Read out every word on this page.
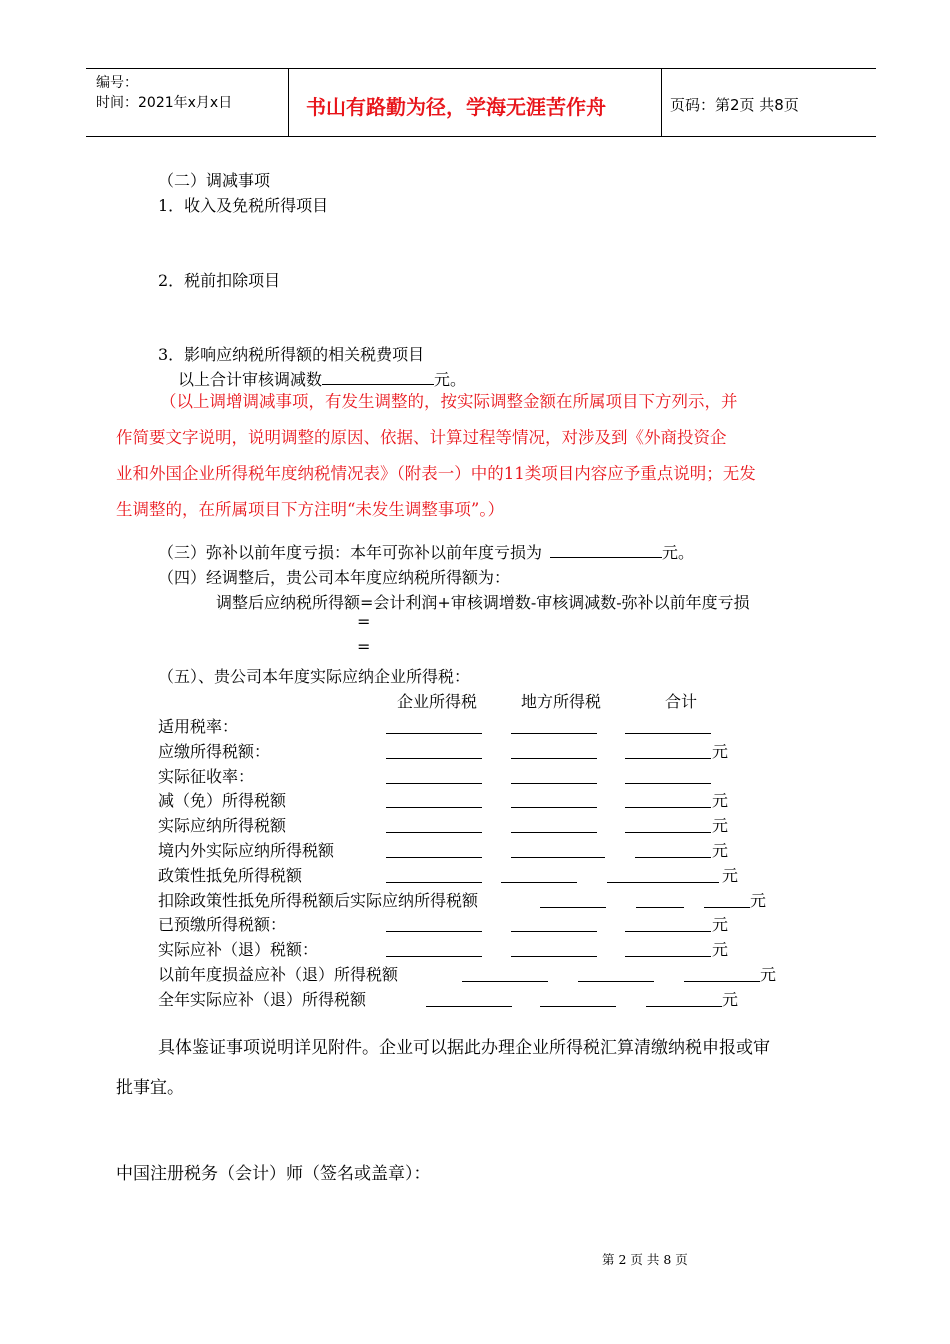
编号：
时间：2021年x月x日	书山有路勤为径，学海无涯苦作舟	页码：第2页 共8页
（二）调减事项
1．收入及免税所得项目
2．税前扣除项目
3．影响应纳税所得额的相关税费项目
以上合计审核调减数	元。
（以上调增调减事项，有发生调整的，按实际调整金额在所属项目下方列示，并
作简要文字说明，说明调整的原因、依据、计算过程等情况，对涉及到《外商投资企
业和外国企业所得税年度纳税情况表》（附表一）中的11类项目内容应予重点说明；无发
生调整的，在所属项目下方注明“未发生调整事项”。）
（三）弥补以前年度亏损：本年可弥补以前年度亏损为	元。
（四）经调整后，贵公司本年度应纳税所得额为：
调整后应纳税所得额=会计利润+审核调增数-审核调减数-弥补以前年度亏损
=
=
（五）、贵公司本年度实际应纳企业所得税：
企业所得税	地方所得税	合计
适用税率：
应缴所得税额：	元
实际征收率：
减（免）所得税额	元
实际应纳所得税额	元
境内外实际应纳所得税额	元
政策性抵免所得税额	元
扣除政策性抵免所得税额后实际应纳所得税额	元
已预缴所得税额：	元
实际应补（退）税额：	元
以前年度损益应补（退）所得税额	元
全年实际应补（退）所得税额	元
具体鉴证事项说明详见附件。企业可以据此办理企业所得税汇算清缴纳税申报或审
批事宜。
中国注册税务（会计）师（签名或盖章）：
第 2 页 共 8 页
